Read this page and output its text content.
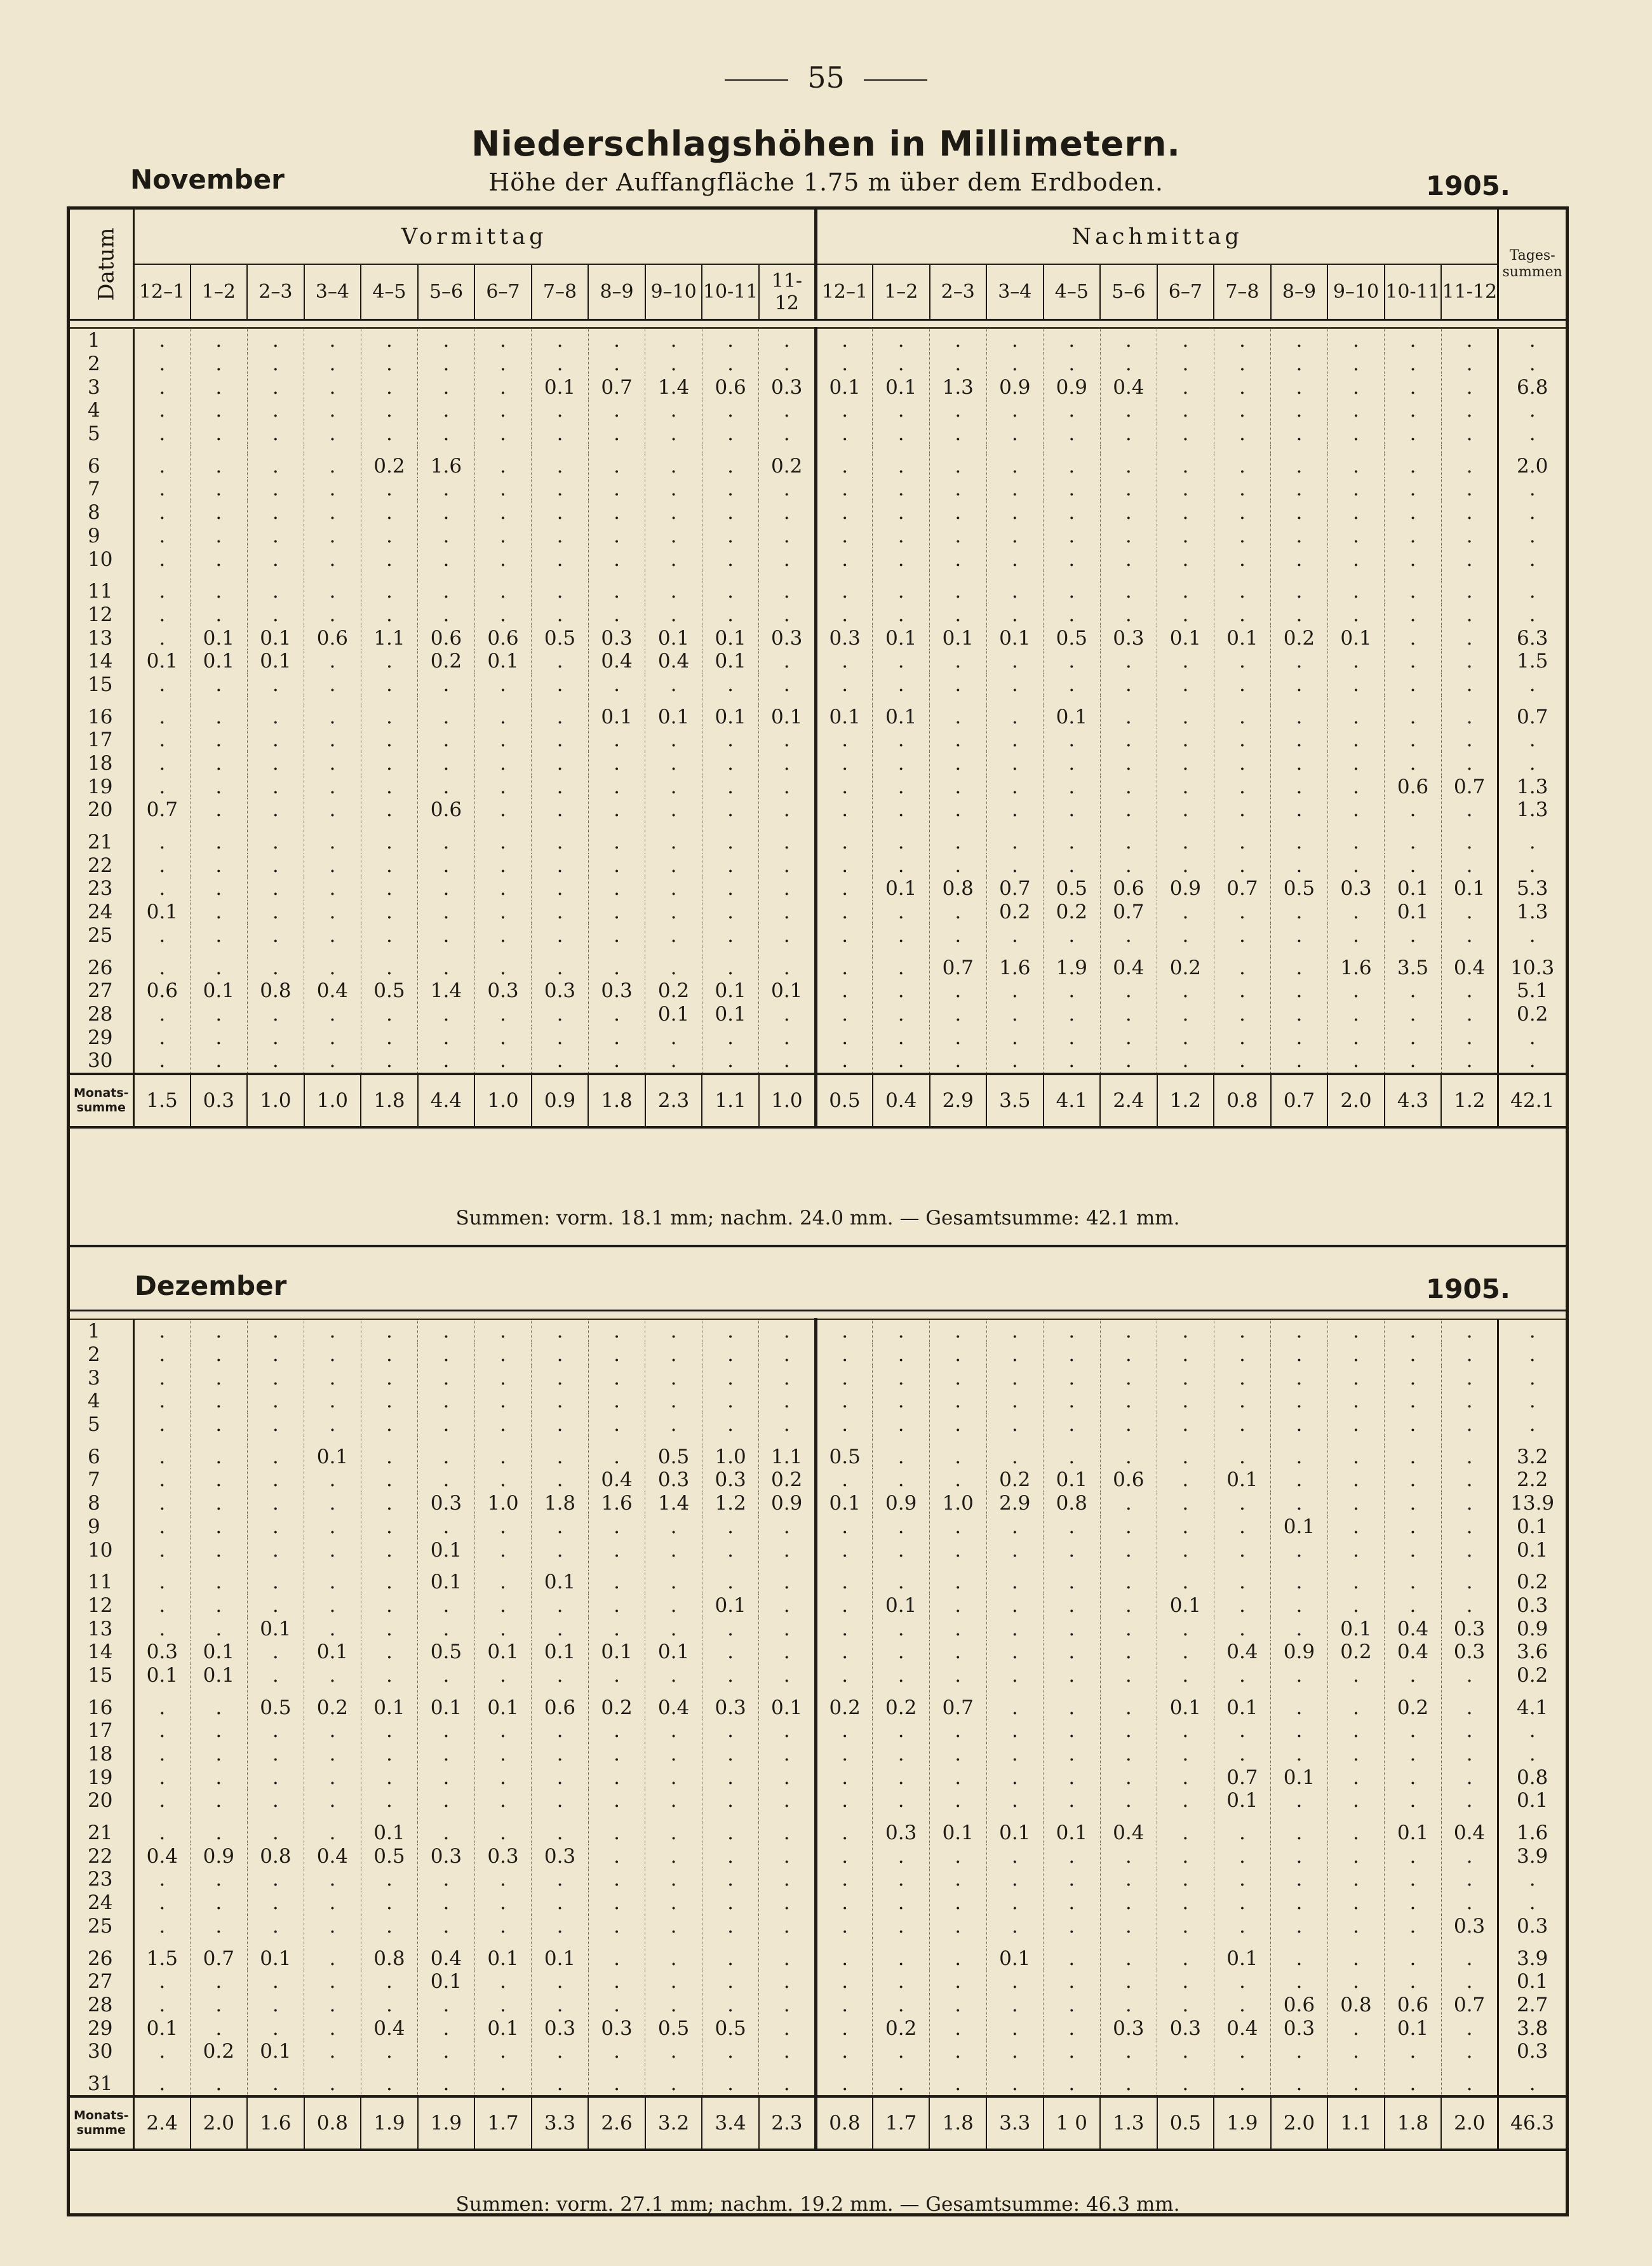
55
Niederschlagshöhen in Millimetern.
November	Höhe der Auffangfläche 1.75 m über dem Erdboden.	1905.
Datum	Vormittag												Nachmittag												Tages-
summen
	12–1	1–2	2–3	3–4	4–5	5–6	6–7	7–8	8–9	9–10	10-11	11-12	12–1	1–2	2–3	3–4	4–5	5–6	6–7	7–8	8–9	9–10	10-11	11-12	

1	.	.	.	.	.	.	.	.	.	.	.	.	.	.	.	.	.	.	.	.	.	.	.	.	.
2	.	.	.	.	.	.	.	.	.	.	.	.	.	.	.	.	.	.	.	.	.	.	.	.	.
3	.	.	.	.	.	.	.	0.1	0.7	1.4	0.6	0.3	0.1	0.1	1.3	0.9	0.9	0.4	.	.	.	.	.	.	6.8
4	.	.	.	.	.	.	.	.	.	.	.	.	.	.	.	.	.	.	.	.	.	.	.	.	.
5	.	.	.	.	.	.	.	.	.	.	.	.	.	.	.	.	.	.	.	.	.	.	.	.	.

6	.	.	.	.	0.2	1.6	.	.	.	.	.	0.2	.	.	.	.	.	.	.	.	.	.	.	.	2.0
7	.	.	.	.	.	.	.	.	.	.	.	.	.	.	.	.	.	.	.	.	.	.	.	.	.
8	.	.	.	.	.	.	.	.	.	.	.	.	.	.	.	.	.	.	.	.	.	.	.	.	.
9	.	.	.	.	.	.	.	.	.	.	.	.	.	.	.	.	.	.	.	.	.	.	.	.	.
10	.	.	.	.	.	.	.	.	.	.	.	.	.	.	.	.	.	.	.	.	.	.	.	.	.

11	.	.	.	.	.	.	.	.	.	.	.	.	.	.	.	.	.	.	.	.	.	.	.	.	.
12	.	.	.	.	.	.	.	.	.	.	.	.	.	.	.	.	.	.	.	.	.	.	.	.	.
13	.	0.1	0.1	0.6	1.1	0.6	0.6	0.5	0.3	0.1	0.1	0.3	0.3	0.1	0.1	0.1	0.5	0.3	0.1	0.1	0.2	0.1	.	.	6.3
14	0.1	0.1	0.1	.	.	0.2	0.1	.	0.4	0.4	0.1	.	.	.	.	.	.	.	.	.	.	.	.	.	1.5
15	.	.	.	.	.	.	.	.	.	.	.	.	.	.	.	.	.	.	.	.	.	.	.	.	.

16	.	.	.	.	.	.	.	.	0.1	0.1	0.1	0.1	0.1	0.1	.	.	0.1	.	.	.	.	.	.	.	0.7
17	.	.	.	.	.	.	.	.	.	.	.	.	.	.	.	.	.	.	.	.	.	.	.	.	.
18	.	.	.	.	.	.	.	.	.	.	.	.	.	.	.	.	.	.	.	.	.	.	.	.	.
19	.	.	.	.	.	.	.	.	.	.	.	.	.	.	.	.	.	.	.	.	.	.	0.6	0.7	1.3
20	0.7	.	.	.	.	0.6	.	.	.	.	.	.	.	.	.	.	.	.	.	.	.	.	.	.	1.3

21	.	.	.	.	.	.	.	.	.	.	.	.	.	.	.	.	.	.	.	.	.	.	.	.	.
22	.	.	.	.	.	.	.	.	.	.	.	.	.	.	.	.	.	.	.	.	.	.	.	.	.
23	.	.	.	.	.	.	.	.	.	.	.	.	.	0.1	0.8	0.7	0.5	0.6	0.9	0.7	0.5	0.3	0.1	0.1	5.3
24	0.1	.	.	.	.	.	.	.	.	.	.	.	.	.	.	0.2	0.2	0.7	.	.	.	.	0.1	.	1.3
25	.	.	.	.	.	.	.	.	.	.	.	.	.	.	.	.	.	.	.	.	.	.	.	.	.

26	.	.	.	.	.	.	.	.	.	.	.	.	.	.	0.7	1.6	1.9	0.4	0.2	.	.	1.6	3.5	0.4	10.3
27	0.6	0.1	0.8	0.4	0.5	1.4	0.3	0.3	0.3	0.2	0.1	0.1	.	.	.	.	.	.	.	.	.	.	.	.	5.1
28	.	.	.	.	.	.	.	.	.	0.1	0.1	.	.	.	.	.	.	.	.	.	.	.	.	.	0.2
29	.	.	.	.	.	.	.	.	.	.	.	.	.	.	.	.	.	.	.	.	.	.	.	.	.
30	.	.	.	.	.	.	.	.	.	.	.	.	.	.	.	.	.	.	.	.	.	.	.	.	.
Monats-
summe	1.5	0.3	1.0	1.0	1.8	4.4	1.0	0.9	1.8	2.3	1.1	1.0	0.5	0.4	2.9	3.5	4.1	2.4	1.2	0.8	0.7	2.0	4.3	1.2	42.1
Summen: vorm. 18.1 mm; nachm. 24.0 mm. — Gesamtsumme: 42.1 mm.
Dezember	1905.

1	.	.	.	.	.	.	.	.	.	.	.	.	.	.	.	.	.	.	.	.	.	.	.	.	.
2	.	.	.	.	.	.	.	.	.	.	.	.	.	.	.	.	.	.	.	.	.	.	.	.	.
3	.	.	.	.	.	.	.	.	.	.	.	.	.	.	.	.	.	.	.	.	.	.	.	.	.
4	.	.	.	.	.	.	.	.	.	.	.	.	.	.	.	.	.	.	.	.	.	.	.	.	.
5	.	.	.	.	.	.	.	.	.	.	.	.	.	.	.	.	.	.	.	.	.	.	.	.	.

6	.	.	.	0.1	.	.	.	.	.	0.5	1.0	1.1	0.5	.	.	.	.	.	.	.	.	.	.	.	3.2
7	.	.	.	.	.	.	.	.	0.4	0.3	0.3	0.2	.	.	.	0.2	0.1	0.6	.	0.1	.	.	.	.	2.2
8	.	.	.	.	.	0.3	1.0	1.8	1.6	1.4	1.2	0.9	0.1	0.9	1.0	2.9	0.8	.	.	.	.	.	.	.	13.9
9	.	.	.	.	.	.	.	.	.	.	.	.	.	.	.	.	.	.	.	.	0.1	.	.	.	0.1
10	.	.	.	.	.	0.1	.	.	.	.	.	.	.	.	.	.	.	.	.	.	.	.	.	.	0.1

11	.	.	.	.	.	0.1	.	0.1	.	.	.	.	.	.	.	.	.	.	.	.	.	.	.	.	0.2
12	.	.	.	.	.	.	.	.	.	.	0.1	.	.	0.1	.	.	.	.	0.1	.	.	.	.	.	0.3
13	.	.	0.1	.	.	.	.	.	.	.	.	.	.	.	.	.	.	.	.	.	.	0.1	0.4	0.3	0.9
14	0.3	0.1	.	0.1	.	0.5	0.1	0.1	0.1	0.1	.	.	.	.	.	.	.	.	.	0.4	0.9	0.2	0.4	0.3	3.6
15	0.1	0.1	.	.	.	.	.	.	.	.	.	.	.	.	.	.	.	.	.	.	.	.	.	.	0.2

16	.	.	0.5	0.2	0.1	0.1	0.1	0.6	0.2	0.4	0.3	0.1	0.2	0.2	0.7	.	.	.	0.1	0.1	.	.	0.2	.	4.1
17	.	.	.	.	.	.	.	.	.	.	.	.	.	.	.	.	.	.	.	.	.	.	.	.	.
18	.	.	.	.	.	.	.	.	.	.	.	.	.	.	.	.	.	.	.	.	.	.	.	.	.
19	.	.	.	.	.	.	.	.	.	.	.	.	.	.	.	.	.	.	.	0.7	0.1	.	.	.	0.8
20	.	.	.	.	.	.	.	.	.	.	.	.	.	.	.	.	.	.	.	0.1	.	.	.	.	0.1

21	.	.	.	.	0.1	.	.	.	.	.	.	.	.	0.3	0.1	0.1	0.1	0.4	.	.	.	.	0.1	0.4	1.6
22	0.4	0.9	0.8	0.4	0.5	0.3	0.3	0.3	.	.	.	.	.	.	.	.	.	.	.	.	.	.	.	.	3.9
23	.	.	.	.	.	.	.	.	.	.	.	.	.	.	.	.	.	.	.	.	.	.	.	.	.
24	.	.	.	.	.	.	.	.	.	.	.	.	.	.	.	.	.	.	.	.	.	.	.	.	.
25	.	.	.	.	.	.	.	.	.	.	.	.	.	.	.	.	.	.	.	.	.	.	.	0.3	0.3

26	1.5	0.7	0.1	.	0.8	0.4	0.1	0.1	.	.	.	.	.	.	.	0.1	.	.	.	0.1	.	.	.	.	3.9
27	.	.	.	.	.	0.1	.	.	.	.	.	.	.	.	.	.	.	.	.	.	.	.	.	.	0.1
28	.	.	.	.	.	.	.	.	.	.	.	.	.	.	.	.	.	.	.	.	0.6	0.8	0.6	0.7	2.7
29	0.1	.	.	.	0.4	.	0.1	0.3	0.3	0.5	0.5	.	.	0.2	.	.	.	0.3	0.3	0.4	0.3	.	0.1	.	3.8
30	.	0.2	0.1	.	.	.	.	.	.	.	.	.	.	.	.	.	.	.	.	.	.	.	.	.	0.3

31	.	.	.	.	.	.	.	.	.	.	.	.	.	.	.	.	.	.	.	.	.	.	.	.	.
Monats-
summe	2.4	2.0	1.6	0.8	1.9	1.9	1.7	3.3	2.6	3.2	3.4	2.3	0.8	1.7	1.8	3.3	1 0	1.3	0.5	1.9	2.0	1.1	1.8	2.0	46.3
Summen: vorm. 27.1 mm; nachm. 19.2 mm. — Gesamtsumme: 46.3 mm.
